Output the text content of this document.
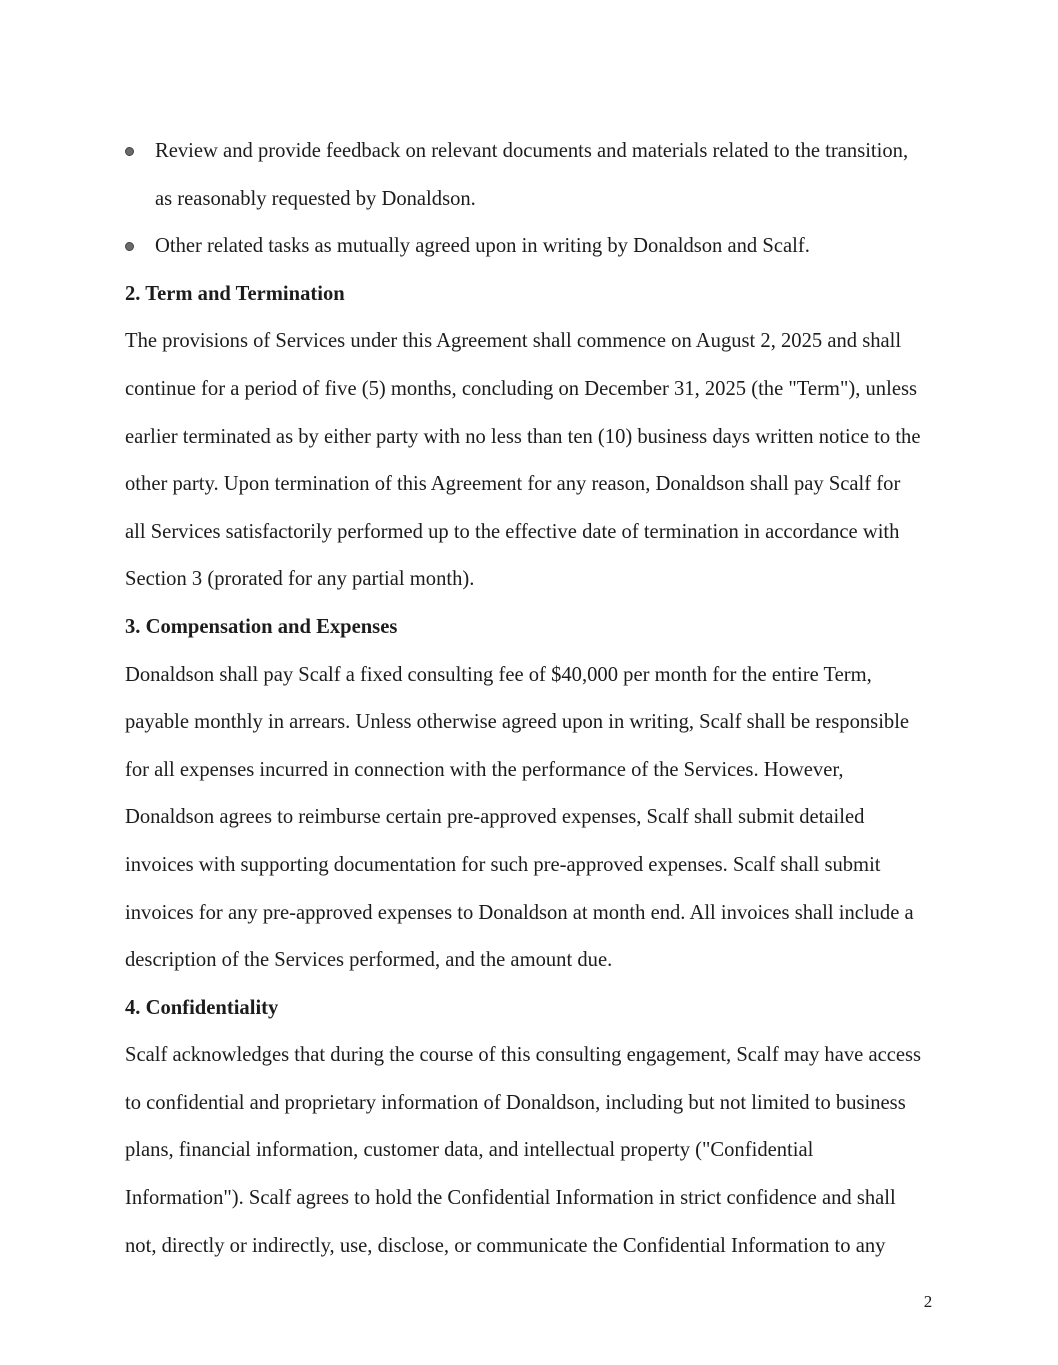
Review and provide feedback on relevant documents and materials related to the transition,
as reasonably requested by Donaldson.
Other related tasks as mutually agreed upon in writing by Donaldson and Scalf.
2. Term and Termination
The provisions of Services under this Agreement shall commence on August 2, 2025 and shall
continue for a period of five (5) months, concluding on December 31, 2025 (the "Term"), unless
earlier terminated as by either party with no less than ten (10) business days written notice to the
other party. Upon termination of this Agreement for any reason, Donaldson shall pay Scalf for
all Services satisfactorily performed up to the effective date of termination in accordance with
Section 3 (prorated for any partial month).
3. Compensation and Expenses
Donaldson shall pay Scalf a fixed consulting fee of $40,000 per month for the entire Term,
payable monthly in arrears. Unless otherwise agreed upon in writing, Scalf shall be responsible
for all expenses incurred in connection with the performance of the Services. However,
Donaldson agrees to reimburse certain pre-approved expenses, Scalf shall submit detailed
invoices with supporting documentation for such pre-approved expenses. Scalf shall submit
invoices for any pre-approved expenses to Donaldson at month end. All invoices shall include a
description of the Services performed, and the amount due.
4. Confidentiality
Scalf acknowledges that during the course of this consulting engagement, Scalf may have access
to confidential and proprietary information of Donaldson, including but not limited to business
plans, financial information, customer data, and intellectual property ("Confidential
Information"). Scalf agrees to hold the Confidential Information in strict confidence and shall
not, directly or indirectly, use, disclose, or communicate the Confidential Information to any
2
